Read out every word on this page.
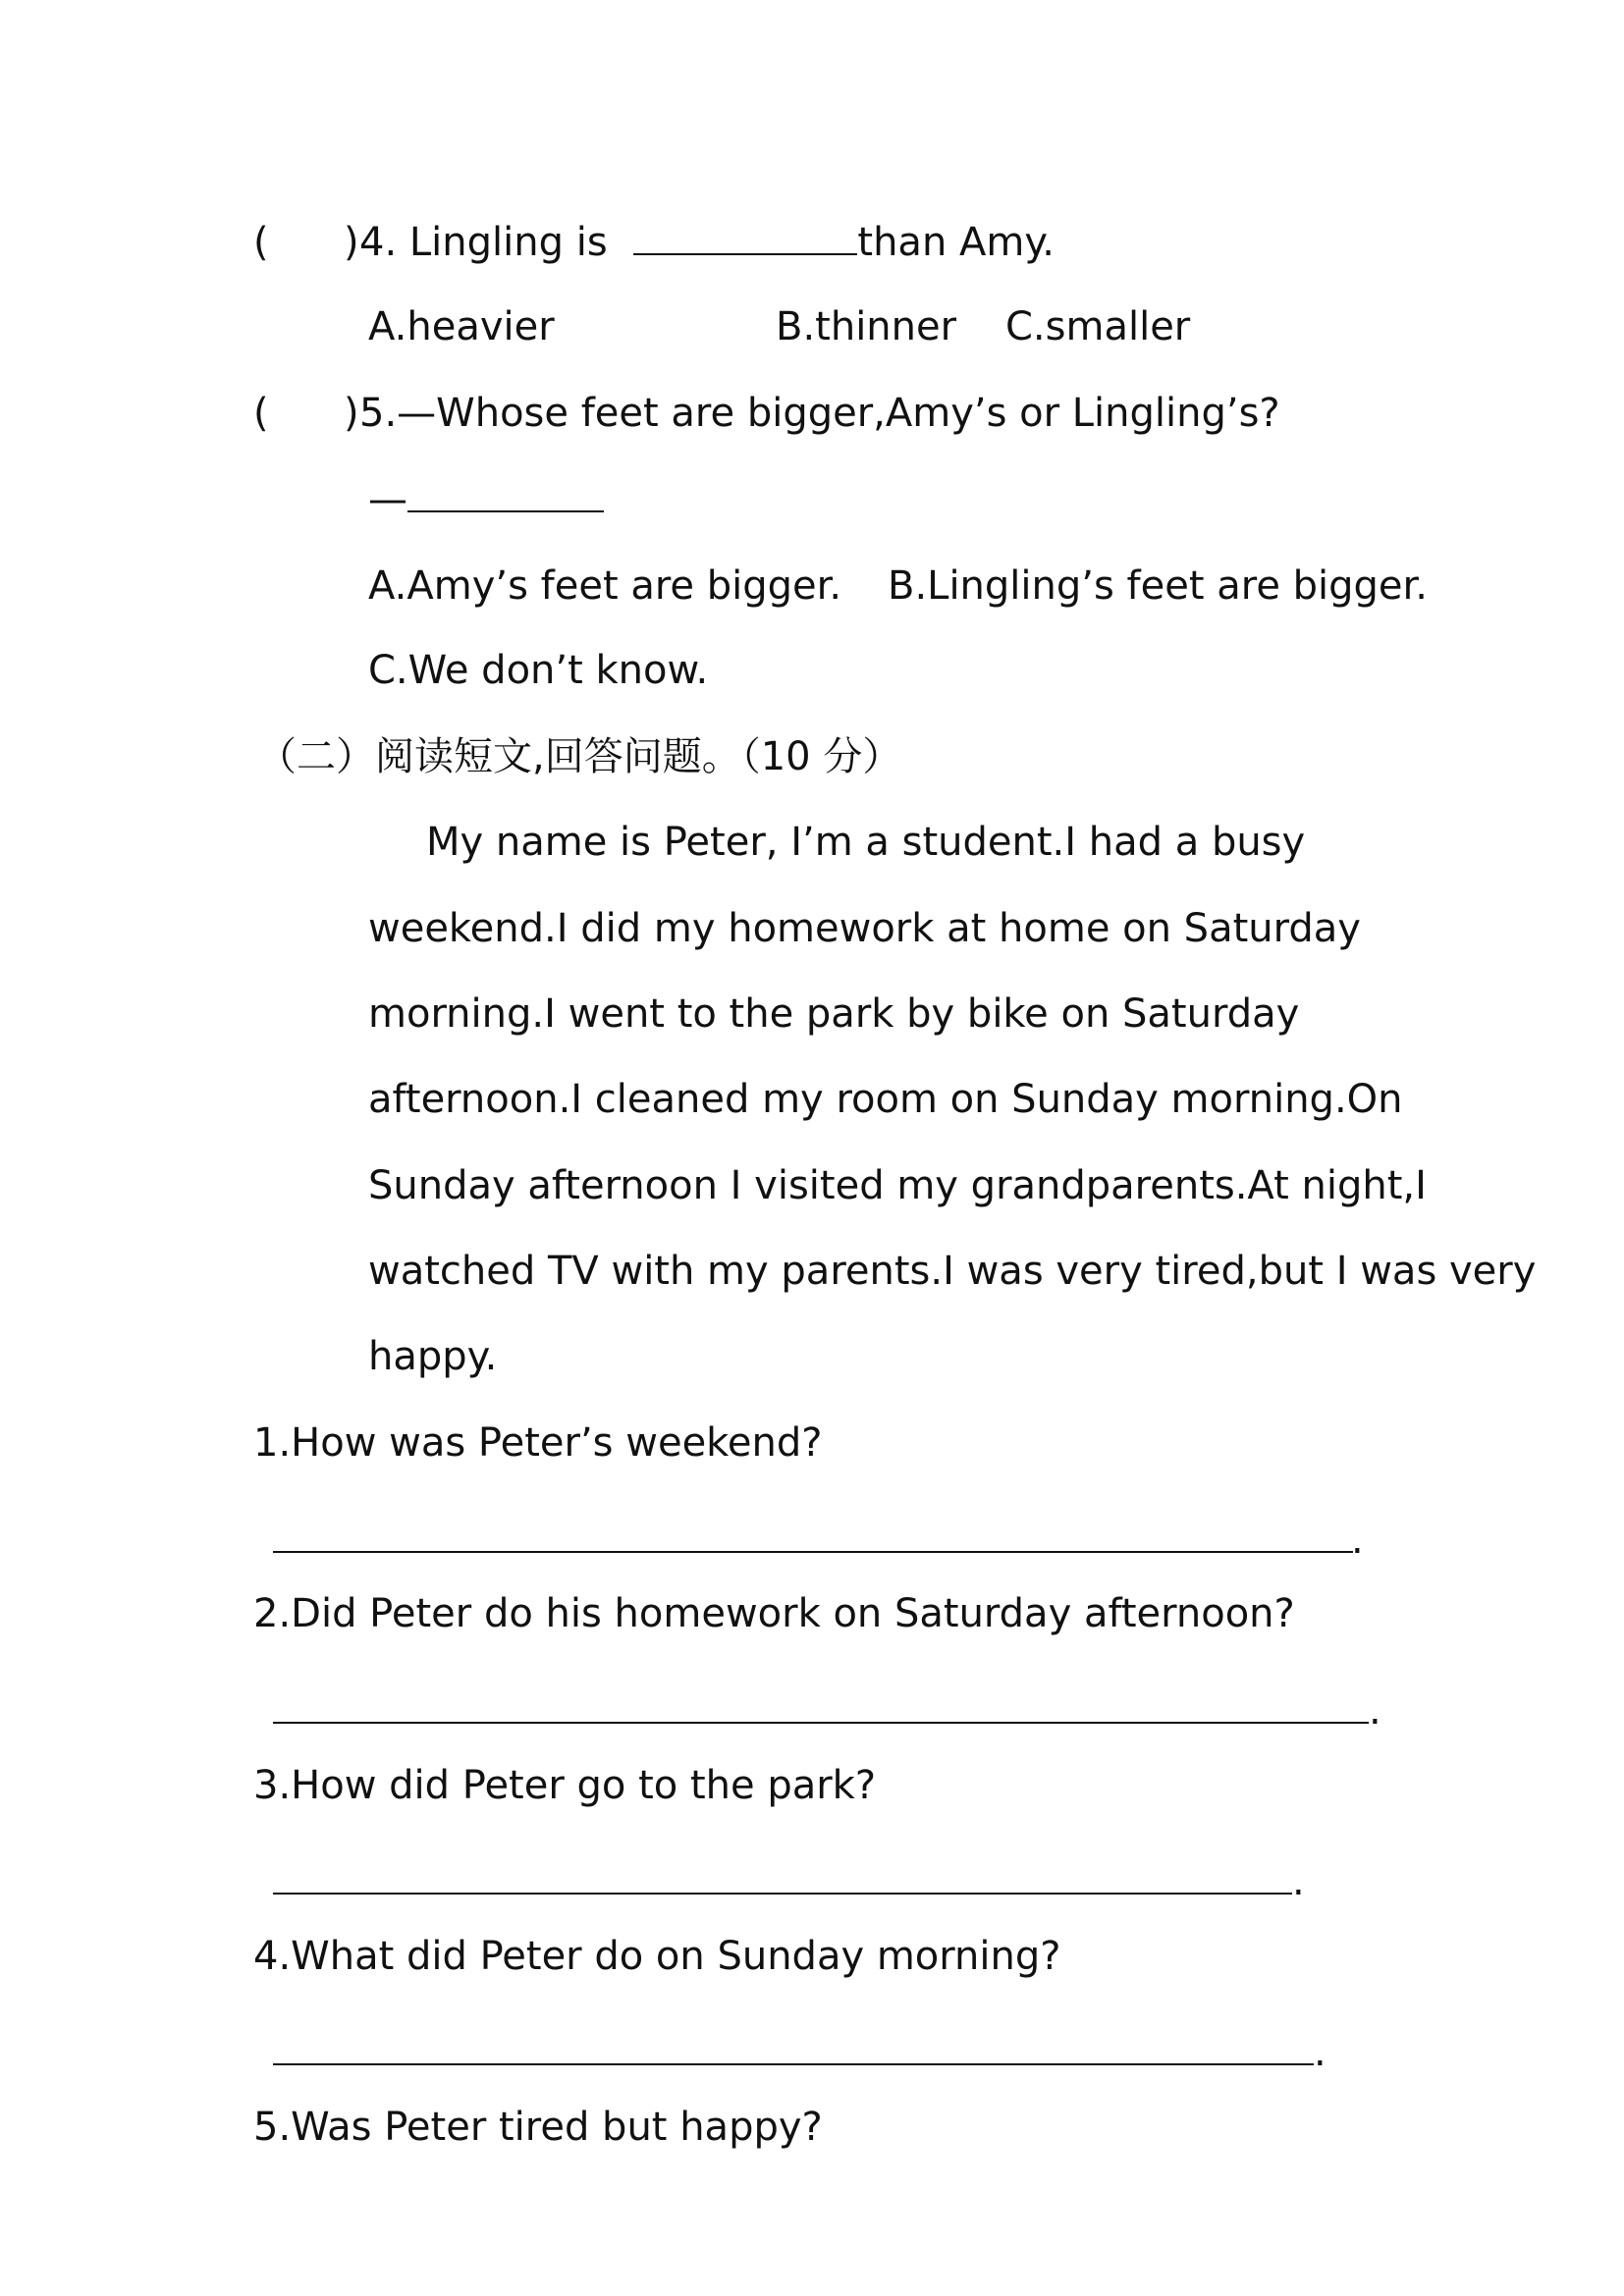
( ) 4. Lingling is	than Amy.
A.heavier	B.thinner C.smaller
( ) 5.—Whose feet are bigger,Amy’s or Lingling’s?
—
A.Amy’s feet are bigger. B.Lingling’s feet are bigger.
C.We don’t know.
（二）阅读短文,回答问题。（10 分）
My name is Peter, I’m a student.I had a busy
weekend.I did my homework at home on Saturday
morning.I went to the park by bike on Saturday
afternoon.I cleaned my room on Sunday morning.On
Sunday afternoon I visited my grandparents.At night,I
watched TV with my parents.I was very tired,but I was very
happy.
1.How was Peter’s weekend?
.
2.Did Peter do his homework on Saturday afternoon?
.
3.How did Peter go to the park?
.
4.What did Peter do on Sunday morning?
.
5.Was Peter tired but happy?
